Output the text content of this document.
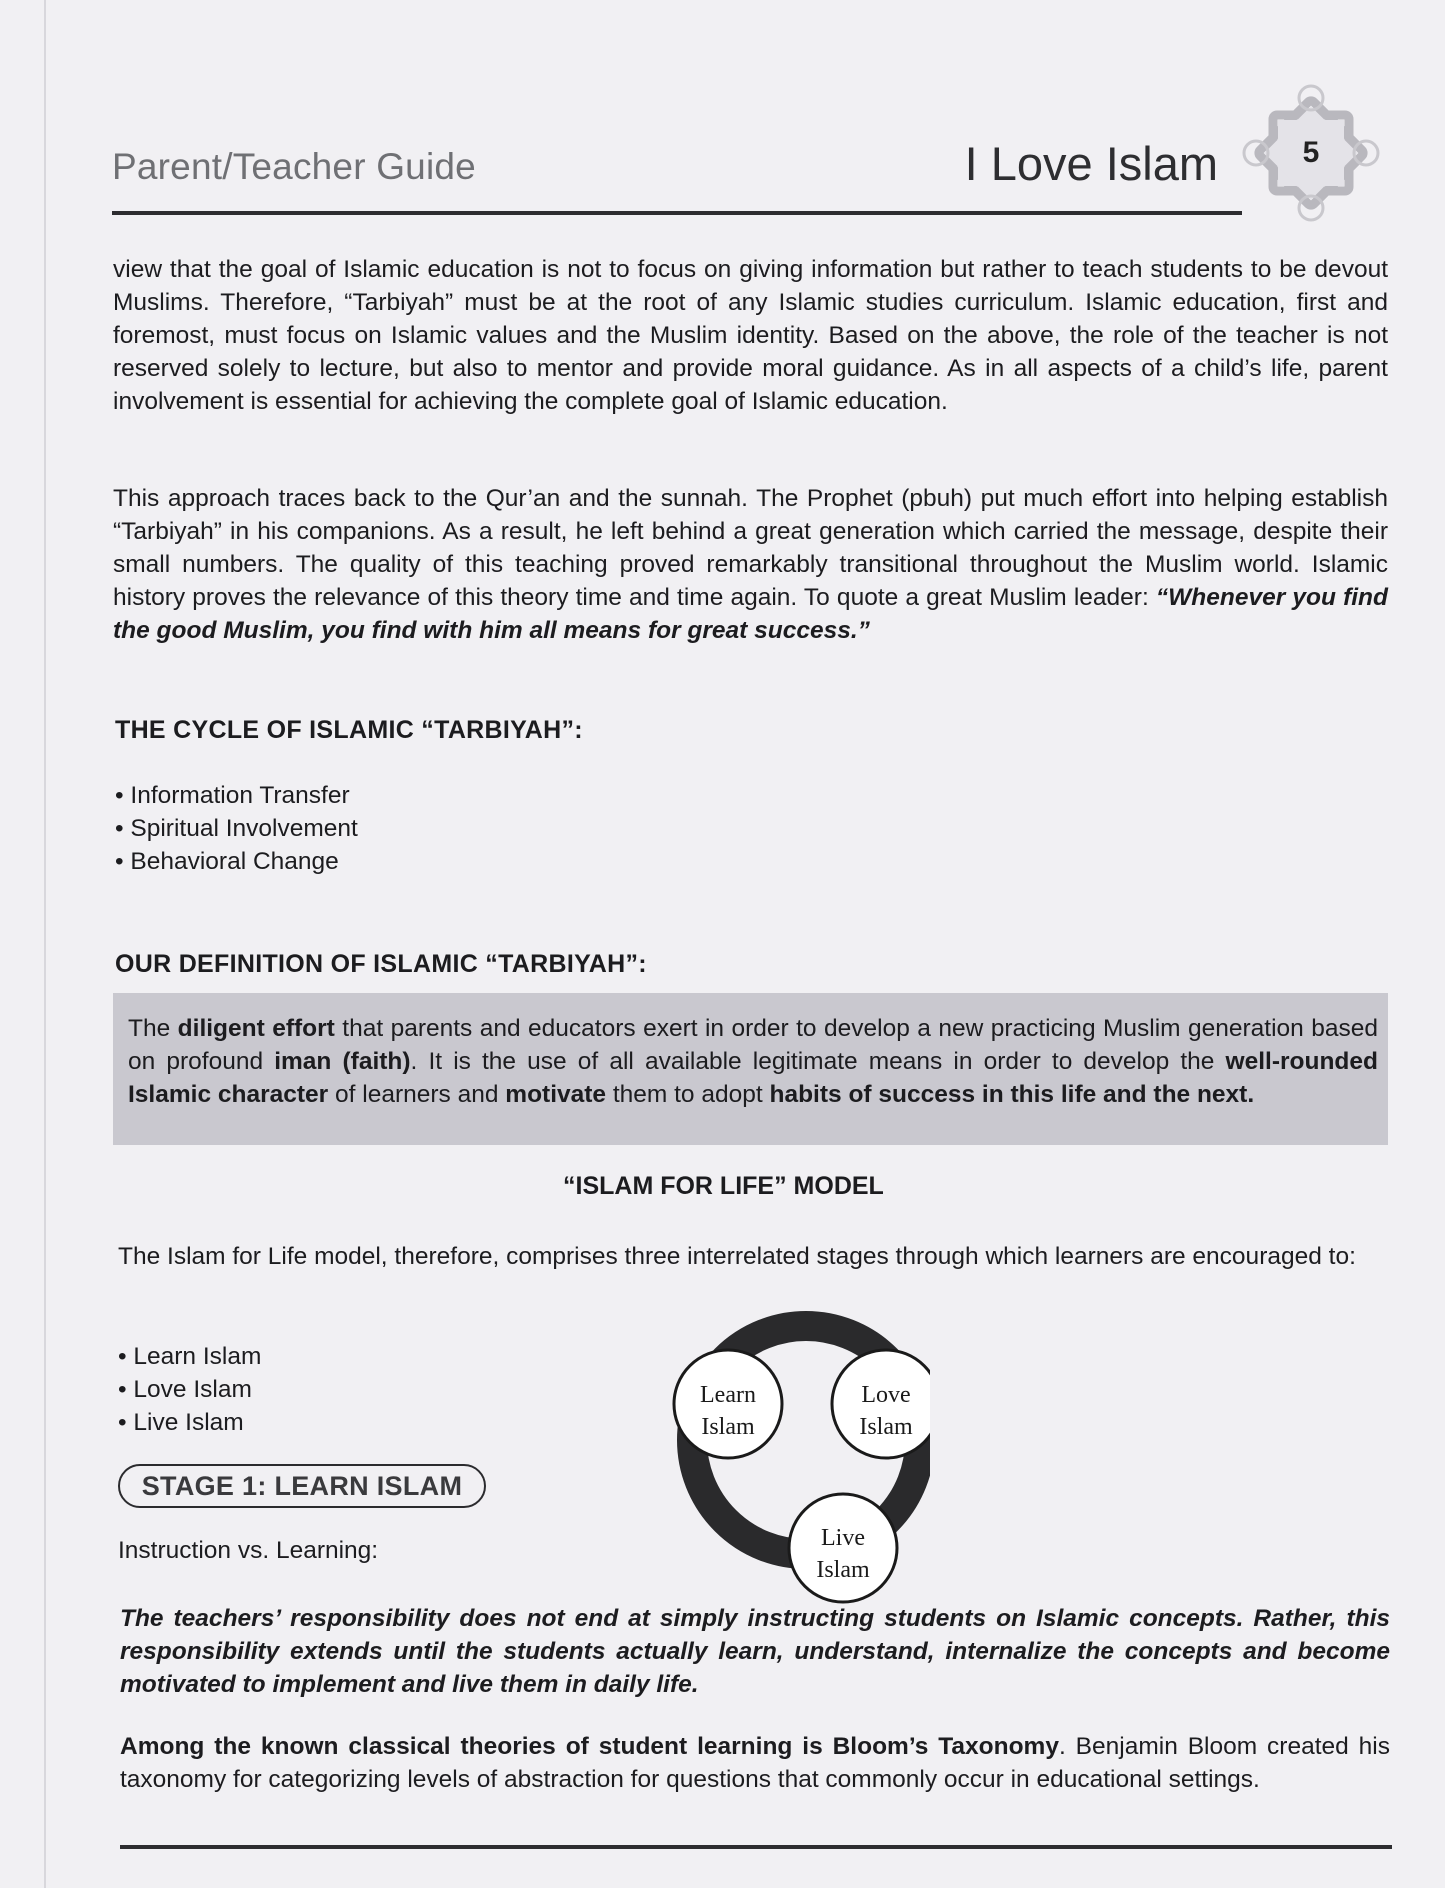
Parent/Teacher Guide	I Love Islam	5
view that the goal of Islamic education is not to focus on giving information but rather to teach students to be devout Muslims. Therefore, “Tarbiyah” must be at the root of any Islamic studies curriculum. Islamic education, first and foremost, must focus on Islamic values and the Muslim identity. Based on the above, the role of the teacher is not reserved solely to lecture, but also to mentor and provide moral guidance. As in all aspects of a child’s life, parent involvement is essential for achieving the complete goal of Islamic education.
This approach traces back to the Qur’an and the sunnah. The Prophet (pbuh) put much effort into helping establish “Tarbiyah” in his companions. As a result, he left behind a great generation which carried the message, despite their small numbers. The quality of this teaching proved remarkably transitional throughout the Muslim world. Islamic history proves the relevance of this theory time and time again. To quote a great Muslim leader: “Whenever you find the good Muslim, you find with him all means for great success.”
THE CYCLE OF ISLAMIC “TARBIYAH”:
• Information Transfer
• Spiritual Involvement
• Behavioral Change
OUR DEFINITION OF ISLAMIC “TARBIYAH”:
The diligent effort that parents and educators exert in order to develop a new practicing Muslim generation based on profound iman (faith). It is the use of all available legitimate means in order to develop the well-rounded Islamic character of learners and motivate them to adopt habits of success in this life and the next.
“ISLAM FOR LIFE” MODEL
The Islam for Life model, therefore, comprises three interrelated stages through which learners are encouraged to:
• Learn Islam
• Love Islam
• Live Islam
Learn
Islam
Love
Islam
Live
Islam
STAGE 1: LEARN ISLAM
Instruction vs. Learning:
The teachers’ responsibility does not end at simply instructing students on Islamic concepts. Rather, this responsibility extends until the students actually learn, understand, internalize the concepts and become motivated to implement and live them in daily life.
Among the known classical theories of student learning is Bloom’s Taxonomy. Benjamin Bloom created his taxonomy for categorizing levels of abstraction for questions that commonly occur in educational settings.
